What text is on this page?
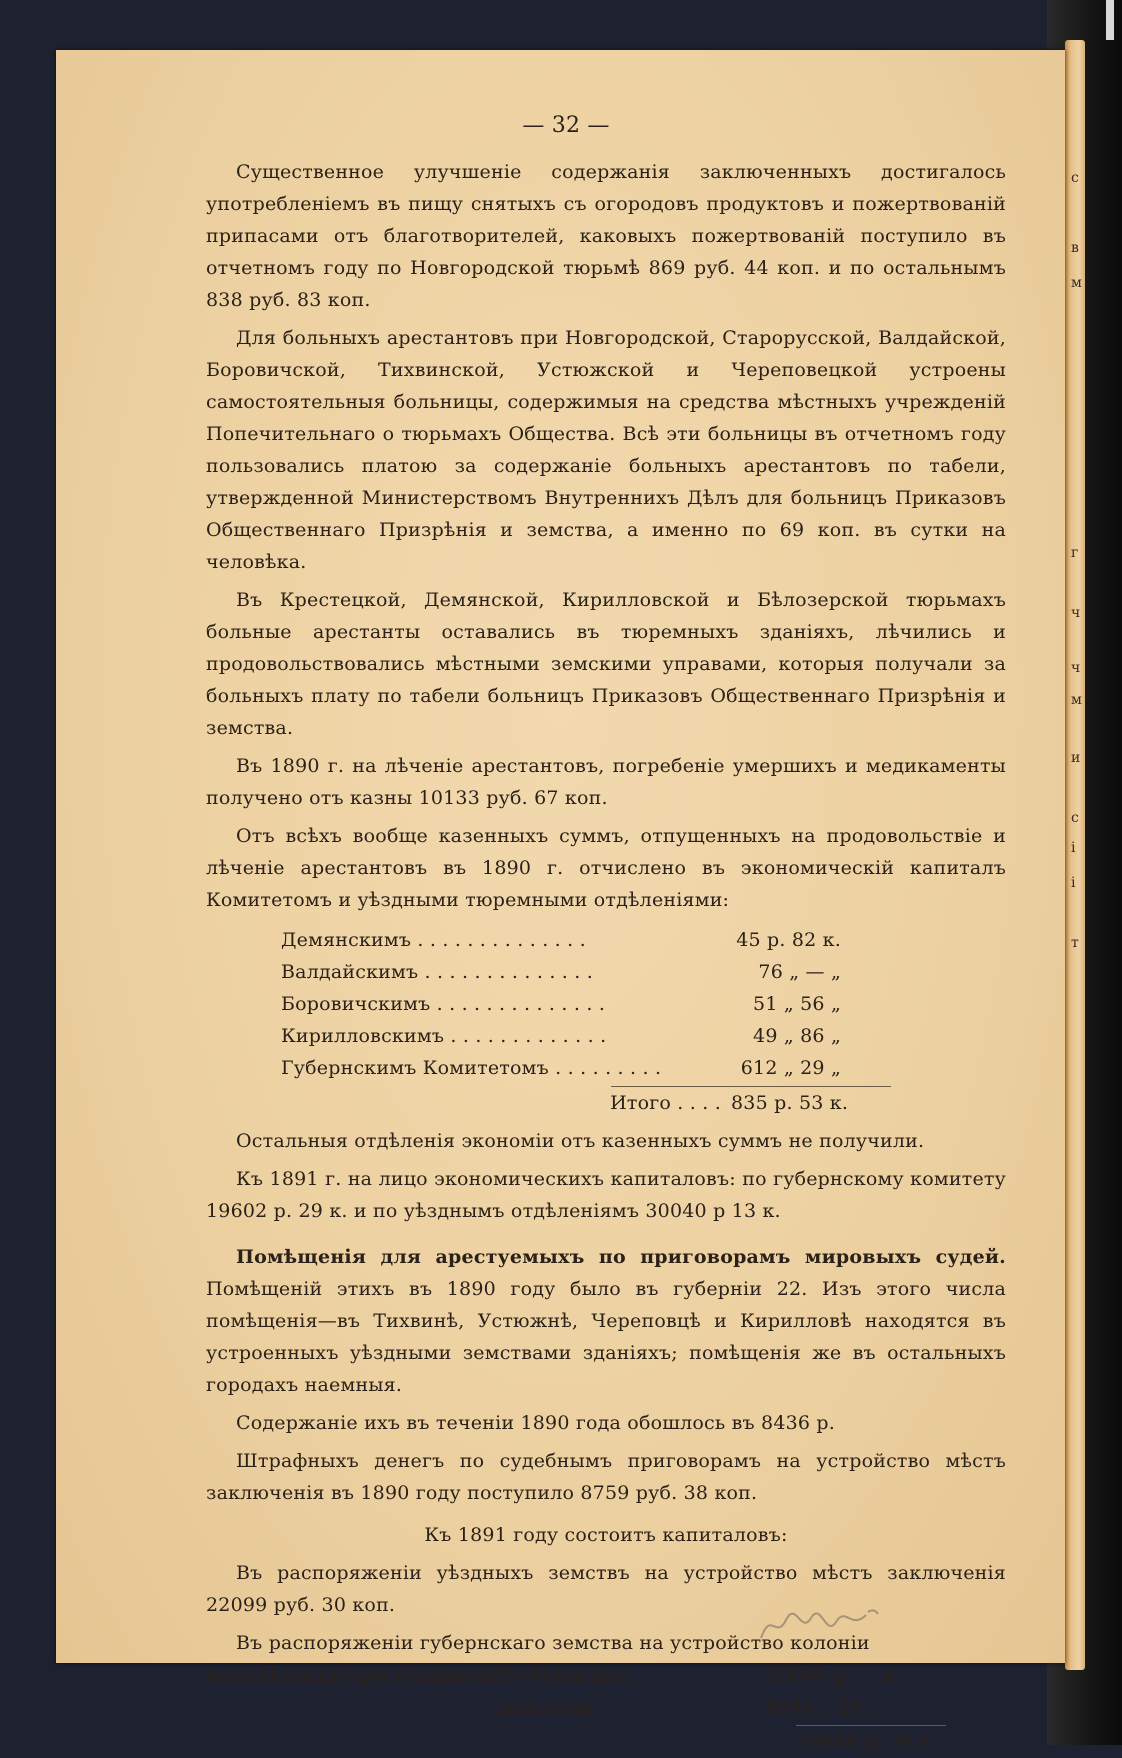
с
в
м
г
ч
ч
м
и
с
і
і
т
— 32 —

Существенное улучшеніе содержанія заключенныхъ достигалось употребленіемъ въ пищу снятыхъ съ огородовъ продуктовъ и пожертвованій припасами отъ благотворителей, каковыхъ пожертвованій поступило въ отчетномъ году по Новгородской тюрьмѣ 869 руб. 44 коп. и по остальнымъ 838 руб. 83 коп.

Для больныхъ арестантовъ при Новгородской, Старорусской, Валдайской, Боровичской, Тихвинской, Устюжской и Череповецкой устроены самостоятельныя больницы, содержимыя на средства мѣстныхъ учрежденій Попечительнаго о тюрьмахъ Общества. Всѣ эти больницы въ отчетномъ году пользовались платою за содержаніе больныхъ арестантовъ по табели, утвержденной Министерствомъ Внутреннихъ Дѣлъ для больницъ Приказовъ Общественнаго Призрѣнія и земства, а именно по 69 коп. въ сутки на человѣка.

Въ Крестецкой, Демянской, Кирилловской и Бѣлозерской тюрьмахъ больные арестанты оставались въ тюремныхъ зданіяхъ, лѣчились и продовольствовались мѣстными земскими управами, которыя получали за больныхъ плату по табели больницъ Приказовъ Общественнаго Призрѣнія и земства.

Въ 1890 г. на лѣченіе арестантовъ, погребеніе умершихъ и медикаменты получено отъ казны 10133 руб. 67 коп.

Отъ всѣхъ вообще казенныхъ суммъ, отпущенныхъ на продовольствіе и лѣченіе арестантовъ въ 1890 г. отчислено въ экономическій капиталъ Комитетомъ и уѣздными тюремными отдѣленіями:

Демянскимъ . . . . . . . . . . . . . .	45 р. 82 к.
Валдайскимъ . . . . . . . . . . . . . .	76 „ — „
Боровичскимъ . . . . . . . . . . . . . .	51 „ 56 „
Кирилловскимъ . . . . . . . . . . . . .	49 „ 86 „
Губернскимъ Комитетомъ . . . . . . . . .	612 „ 29 „
Итого . . . . 835 р. 53 к.

Остальныя отдѣленія экономіи отъ казенныхъ суммъ не получили.

Къ 1891 г. на лицо экономическихъ капиталовъ: по губернскому комитету 19602 р. 29 к. и по уѣзднымъ отдѣленіямъ 30040 р 13 к.

Помѣщенія для арестуемыхъ по приговорамъ мировыхъ судей. Помѣщеній этихъ въ 1890 году было въ губерніи 22. Изъ этого числа помѣщенія—въ Тихвинѣ, Устюжнѣ, Череповцѣ и Кирилловѣ находятся въ устроенныхъ уѣздными земствами зданіяхъ; помѣщенія же въ остальныхъ городахъ наемныя.

Содержаніе ихъ въ теченіи 1890 года обошлось въ 8436 р.

Штрафныхъ денегъ по судебнымъ приговорамъ на устройство мѣстъ заключенія въ 1890 году поступило 8759 руб. 38 коп.

Къ 1891 году состоитъ капиталовъ:

Въ распоряженіи уѣздныхъ земствъ на устройство мѣстъ заключенія 22099 руб. 30 коп.

Въ распоряженіи губернскаго земства на устройство колоніи

малолѣтнихъ преступниковъ:
°/о бумагами . . . .	10000 р. — к.
деньгами . . . . .	6946 „ 29 „
16946 р. 29 к.
